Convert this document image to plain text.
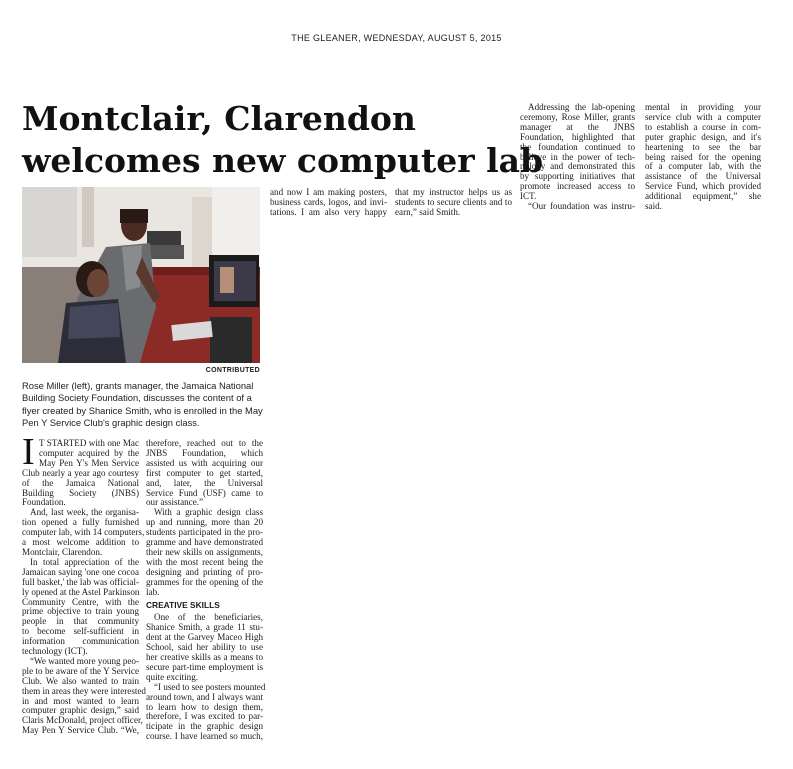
THE GLEANER, WEDNESDAY, AUGUST 5, 2015
Montclair, Clarendon
welcomes new computer lab
CONTRIBUTED

Rose Miller (left), grants manager, the Jamaica National

Building Society Foundation, discusses the content of a

flyer created by Shanice Smith, who is enrolled in the May

Pen Y Service Club's graphic design class.

I T STARTED with one Mac
computer acquired by the
May Pen Y's Men Service
Club nearly a year ago courtesy
of the Jamaica National
Building Society (JNBS)
Foundation.
And, last week, the organisa-
tion opened a fully furnished
computer lab, with 14 computers,
a most welcome addition to
Montclair, Clarendon.
In total appreciation of the
Jamaican saying 'one one cocoa
full basket,' the lab was official-
ly opened at the Astel Parkinson
Community Centre, with the
prime objective to train young
people in that community
to become self-sufficient in
information communication
technology (ICT).
“We wanted more young peo-
ple to be aware of the Y Service
Club. We also wanted to train
them in areas they were interested
in and most wanted to learn
computer graphic design,” said
Claris McDonald, project officer,
May Pen Y Service Club. “We,
therefore, reached out to the
JNBS Foundation, which
assisted us with acquiring our
first computer to get started,
and, later, the Universal
Service Fund (USF) came to
our assistance.”
With a graphic design class
up and running, more than 20
students participated in the pro-
gramme and have demonstrated
their new skills on assignments,
with the most recent being the
designing and printing of pro-
grammes for the opening of the
lab.
CREATIVE SKILLS
One of the beneficiaries,
Shanice Smith, a grade 11 stu-
dent at the Garvey Maceo High
School, said her ability to use
her creative skills as a means to
secure part-time employment is
quite exciting.
“I used to see posters mounted
around town, and I always want
to learn how to design them,
therefore, I was excited to par-
ticipate in the graphic design
course. I have learned so much,
and now I am making posters,
business cards, logos, and invi-
tations. I am also very happy
that my instructor helps us as
students to secure clients and to
earn,” said Smith.
Addressing the lab-opening
ceremony, Rose Miller, grants
manager at the JNBS
Foundation, highlighted that
the foundation continued to
believe in the power of tech-
nology and demonstrated this
by supporting initiatives that
promote increased access to
ICT.
“Our foundation was instru-
mental in providing your
service club with a computer
to establish a course in com-
puter graphic design, and it's
heartening to see the bar
being raised for the opening
of a computer lab, with the
assistance of the Universal
Service Fund, which provided
additional equipment,” she
said.
